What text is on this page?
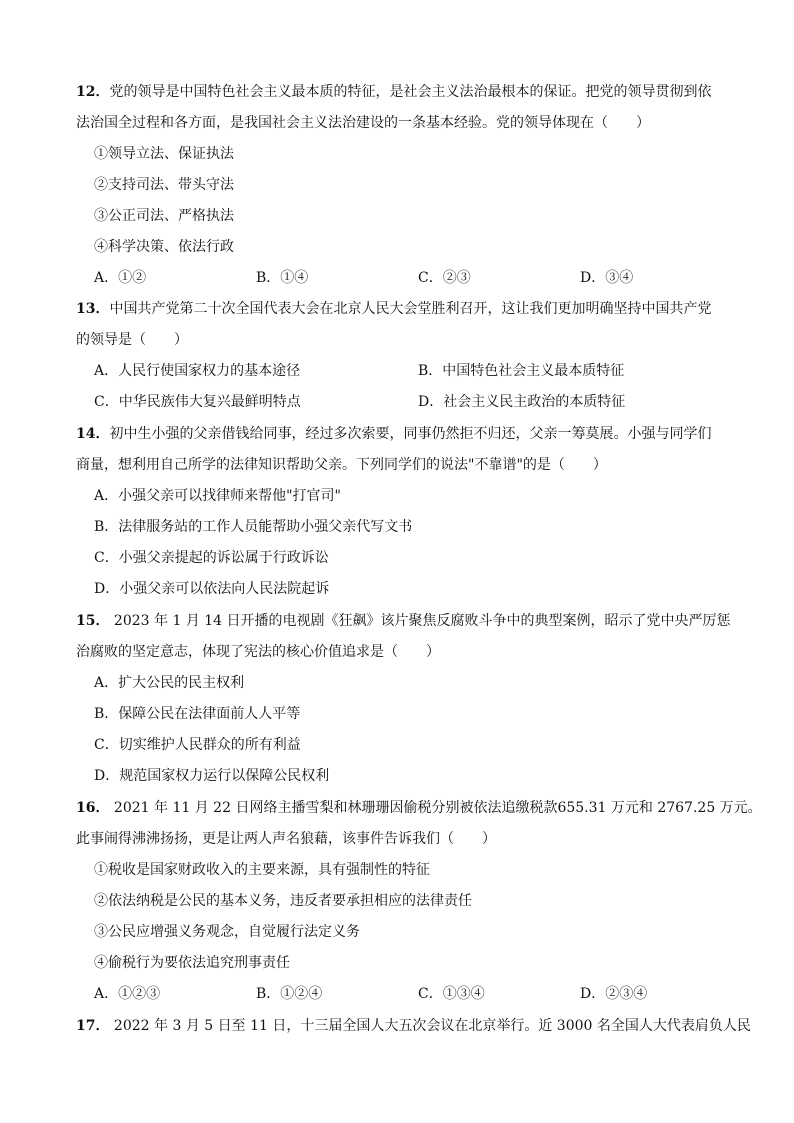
12．党的领导是中国特色社会主义最本质的特征，是社会主义法治最根本的保证。把党的领导贯彻到依
法治国全过程和各方面，是我国社会主义法治建设的一条基本经验。党的领导体现在（　　）
①领导立法、保证执法
②支持司法、带头守法
③公正司法、严格执法
④科学决策、依法行政
A．①②	B．①④	C．②③	D．③④
13．中国共产党第二十次全国代表大会在北京人民大会堂胜利召开，这让我们更加明确坚持中国共产党
的领导是（　　）
A．人民行使国家权力的基本途径	B．中国特色社会主义最本质特征
C．中华民族伟大复兴最鲜明特点	D．社会主义民主政治的本质特征
14．初中生小强的父亲借钱给同事，经过多次索要，同事仍然拒不归还，父亲一筹莫展。小强与同学们
商量，想利用自己所学的法律知识帮助父亲。下列同学们的说法"不靠谱"的是（　　）
A．小强父亲可以找律师来帮他"打官司"
B．法律服务站的工作人员能帮助小强父亲代写文书
C．小强父亲提起的诉讼属于行政诉讼
D．小强父亲可以依法向人民法院起诉
15． 2023 年 1 月 14 日开播的电视剧《狂飙》该片聚焦反腐败斗争中的典型案例，昭示了党中央严厉惩
治腐败的坚定意志，体现了宪法的核心价值追求是（　　）
A．扩大公民的民主权利
B．保障公民在法律面前人人平等
C．切实维护人民群众的所有利益
D．规范国家权力运行以保障公民权利
16． 2021 年 11 月 22 日网络主播雪梨和林珊珊因偷税分别被依法追缴税款655.31 万元和 2767.25 万元。
此事闹得沸沸扬扬，更是让两人声名狼藉，该事件告诉我们（　　）
①税收是国家财政收入的主要来源，具有强制性的特征
②依法纳税是公民的基本义务，违反者要承担相应的法律责任
③公民应增强义务观念，自觉履行法定义务
④偷税行为要依法追究刑事责任
A．①②③	B．①②④	C．①③④	D．②③④
17． 2022 年 3 月 5 日至 11 日，十三届全国人大五次会议在北京举行。近 3000 名全国人大代表肩负人民
